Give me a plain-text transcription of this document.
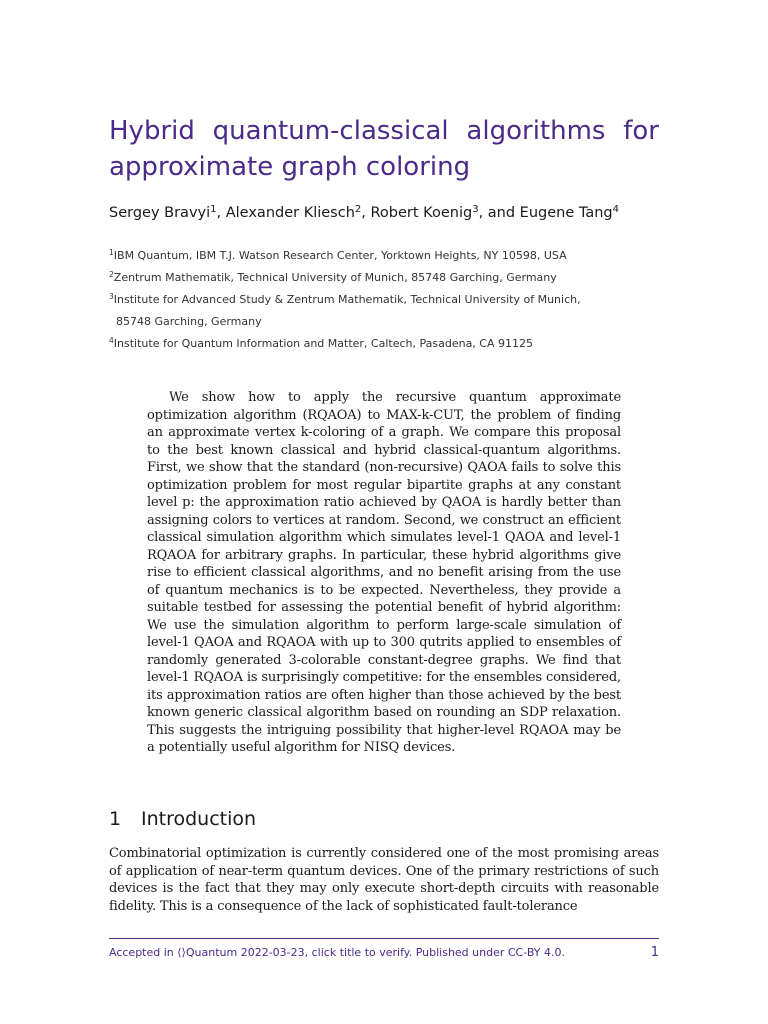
Hybrid quantum-classical algorithms for approximate graph coloring
Sergey Bravyi$^1$, Alexander Kliesch$^2$, Robert Koenig$^3$, and Eugene Tang$^4$
$^1$IBM Quantum, IBM T.J. Watson Research Center, Yorktown Heights, NY 10598, USA
$^2$Zentrum Mathematik, Technical University of Munich, 85748 Garching, Germany
$^3$Institute for Advanced Study & Zentrum Mathematik, Technical University of Munich,
85748 Garching, Germany
$^4$Institute for Quantum Information and Matter, Caltech, Pasadena, CA 91125

We show how to apply the recursive quantum approximate optimization algorithm (RQAOA) to MAX-k-CUT, the problem of finding an approximate vertex k-coloring of a graph. We compare this proposal to the best known classical and hybrid classical-quantum algorithms. First, we show that the standard (non-recursive) QAOA fails to solve this optimization problem for most regular bipartite graphs at any constant level p: the approximation ratio achieved by QAOA is hardly better than assigning colors to vertices at random. Second, we construct an efficient classical simulation algorithm which simulates level-1 QAOA and level-1 RQAOA for arbitrary graphs. In particular, these hybrid algorithms give rise to efficient classical algorithms, and no benefit arising from the use of quantum mechanics is to be expected. Nevertheless, they provide a suitable testbed for assessing the potential benefit of hybrid algorithm: We use the simulation algorithm to perform large-scale simulation of level-1 QAOA and RQAOA with up to 300 qutrits applied to ensembles of randomly generated 3-colorable constant-degree graphs. We find that level-1 RQAOA is surprisingly competitive: for the ensembles considered, its approximation ratios are often higher than those achieved by the best known generic classical algorithm based on rounding an SDP relaxation. This suggests the intriguing possibility that higher-level RQAOA may be a potentially useful algorithm for NISQ devices.

1 Introduction

Combinatorial optimization is currently considered one of the most promising areas of application of near-term quantum devices. One of the primary restrictions of such devices is the fact that they may only execute short-depth circuits with reasonable fidelity. This is a consequence of the lack of sophisticated fault-tolerance

Accepted in ⟨⟩Quantum 2022-03-23, click title to verify. Published under CC-BY 4.0.	1
